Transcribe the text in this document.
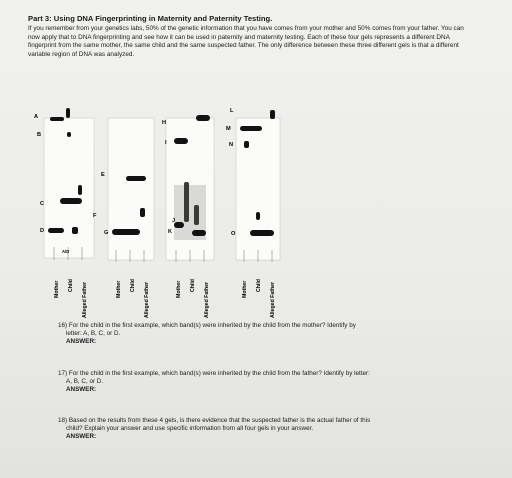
Part 3: Using DNA Fingerprinting in Maternity and Paternity Testing.
If you remember from your genetics labs, 50% of the genetic information that you have comes from your mother and 50% comes from your father. You can now apply that to DNA fingerprinting and see how it can be used in paternity and maternity testing. Each of these four gels represents a different DNA fingerprint from the same mother, the same child and the same suspected father. The only difference between these three different gels is that a different variable region of DNA was analyzed.
A
B
C
D
A/D
Mother Child Alleged Father
E
F
G
Mother Child Alleged Father
H
I
J
K
Mother Child Alleged Father
L
M
N
O
Mother Child Alleged Father
16) For the child in the first example, which band(s) were inherited by the child from the mother? Identify by
letter: A, B, C, or D.
ANSWER:
17) For the child in the first example, which band(s) were inherited by the child from the father? Identify by letter:
A, B, C, or D.
ANSWER:
18) Based on the results from these 4 gels, is there evidence that the suspected father is the actual father of this
child? Explain your answer and use specific information from all four gels in your answer.
ANSWER:
